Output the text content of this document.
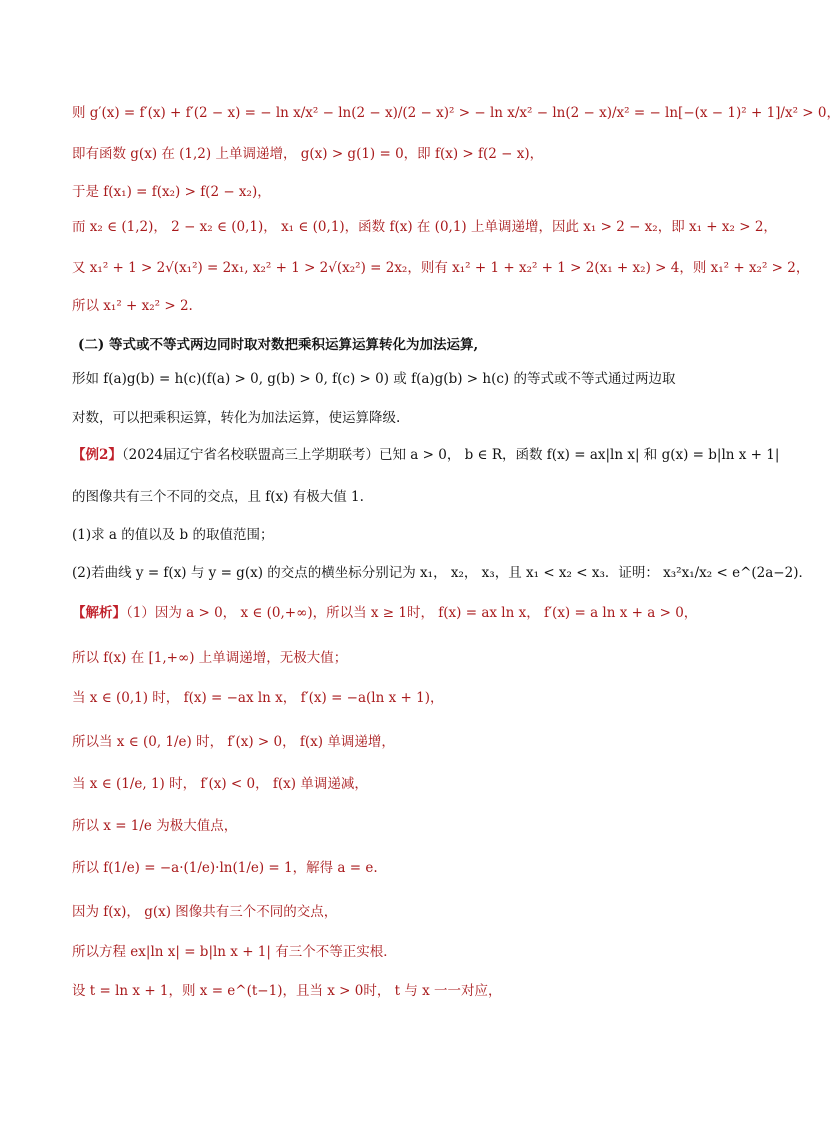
则 g′(x) = f′(x) + f′(2 − x) = − ln x/x² − ln(2 − x)/(2 − x)² > − ln x/x² − ln(2 − x)/x² = − ln[−(x − 1)² + 1]/x² > 0，
即有函数 g(x) 在 (1,2) 上单调递增， g(x) > g(1) = 0，即 f(x) > f(2 − x)，
于是 f(x₁) = f(x₂) > f(2 − x₂)，
而 x₂ ∈ (1,2)， 2 − x₂ ∈ (0,1)， x₁ ∈ (0,1)，函数 f(x) 在 (0,1) 上单调递增，因此 x₁ > 2 − x₂，即 x₁ + x₂ > 2，
又 x₁² + 1 > 2√(x₁²) = 2x₁, x₂² + 1 > 2√(x₂²) = 2x₂，则有 x₁² + 1 + x₂² + 1 > 2(x₁ + x₂) > 4，则 x₁² + x₂² > 2，
所以 x₁² + x₂² > 2.
(二) 等式或不等式两边同时取对数把乘积运算运算转化为加法运算,
形如 f(a)g(b) = h(c)(f(a) > 0, g(b) > 0, f(c) > 0) 或 f(a)g(b) > h(c) 的等式或不等式通过两边取
对数，可以把乘积运算，转化为加法运算，使运算降级.
【例2】（2024届辽宁省名校联盟高三上学期联考）已知 a > 0， b ∈ R，函数 f(x) = ax|ln x| 和 g(x) = b|ln x + 1|
的图像共有三个不同的交点，且 f(x) 有极大值 1.
(1)求 a 的值以及 b 的取值范围；
(2)若曲线 y = f(x) 与 y = g(x) 的交点的横坐标分别记为 x₁， x₂， x₃，且 x₁ < x₂ < x₃．证明： x₃²x₁/x₂ < e^(2a−2)．
【解析】（1）因为 a > 0， x ∈ (0,+∞)，所以当 x ≥ 1时， f(x) = ax ln x， f′(x) = a ln x + a > 0，
所以 f(x) 在 [1,+∞) 上单调递增，无极大值；
当 x ∈ (0,1) 时， f(x) = −ax ln x， f′(x) = −a(ln x + 1)，
所以当 x ∈ (0, 1/e) 时， f′(x) > 0， f(x) 单调递增，
当 x ∈ (1/e, 1) 时， f′(x) < 0， f(x) 单调递减，
所以 x = 1/e 为极大值点，
所以 f(1/e) = −a·(1/e)·ln(1/e) = 1，解得 a = e.
因为 f(x)， g(x) 图像共有三个不同的交点，
所以方程 ex|ln x| = b|ln x + 1| 有三个不等正实根．
设 t = ln x + 1，则 x = e^(t−1)，且当 x > 0时， t 与 x 一一对应，
